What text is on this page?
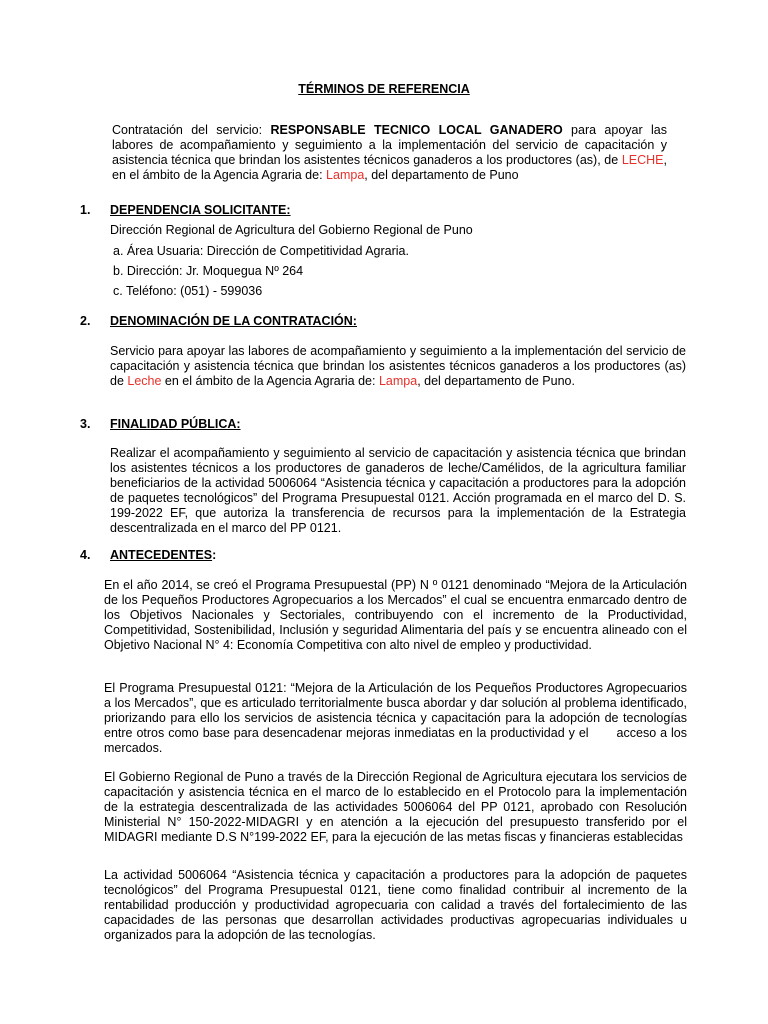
TÉRMINOS DE REFERENCIA
Contratación del servicio: RESPONSABLE TECNICO LOCAL GANADERO para apoyar las labores de acompañamiento y seguimiento a la implementación del servicio de capacitación y asistencia técnica que brindan los asistentes técnicos ganaderos a los productores (as), de LECHE, en el ámbito de la Agencia Agraria de: Lampa, del departamento de Puno
1. DEPENDENCIA SOLICITANTE:
Dirección Regional de Agricultura del Gobierno Regional de Puno
a. Área Usuaria: Dirección de Competitividad Agraria.
b. Dirección: Jr. Moquegua Nº 264
c. Teléfono: (051) - 599036
2. DENOMINACIÓN DE LA CONTRATACIÓN:
Servicio para apoyar las labores de acompañamiento y seguimiento a la implementación del servicio de capacitación y asistencia técnica que brindan los asistentes técnicos ganaderos a los productores (as) de Leche en el ámbito de la Agencia Agraria de: Lampa, del departamento de Puno.
3. FINALIDAD PÚBLICA:
Realizar el acompañamiento y seguimiento al servicio de capacitación y asistencia técnica que brindan los asistentes técnicos a los productores de ganaderos de leche/Camélidos, de la agricultura familiar beneficiarios de la actividad 5006064 “Asistencia técnica y capacitación a productores para la adopción de paquetes tecnológicos” del Programa Presupuestal 0121. Acción programada en el marco del D. S. 199-2022 EF, que autoriza la transferencia de recursos para la implementación de la Estrategia descentralizada en el marco del PP 0121.
4. ANTECEDENTES:
En el año 2014, se creó el Programa Presupuestal (PP) N º 0121 denominado “Mejora de la Articulación de los Pequeños Productores Agropecuarios a los Mercados” el cual se encuentra enmarcado dentro de los Objetivos Nacionales y Sectoriales, contribuyendo con el incremento de la Productividad, Competitividad, Sostenibilidad, Inclusión y seguridad Alimentaria del país y se encuentra alineado con el Objetivo Nacional N° 4: Economía Competitiva con alto nivel de empleo y productividad.
El Programa Presupuestal 0121: “Mejora de la Articulación de los Pequeños Productores Agropecuarios a los Mercados”, que es articulado territorialmente busca abordar y dar solución al problema identificado, priorizando para ello los servicios de asistencia técnica y capacitación para la adopción de tecnologías entre otros como base para desencadenar mejoras inmediatas en la productividad y el acceso a los mercados.
El Gobierno Regional de Puno a través de la Dirección Regional de Agricultura ejecutara los servicios de capacitación y asistencia técnica en el marco de lo establecido en el Protocolo para la implementación de la estrategia descentralizada de las actividades 5006064 del PP 0121, aprobado con Resolución Ministerial N° 150-2022-MIDAGRI y en atención a la ejecución del presupuesto transferido por el MIDAGRI mediante D.S N°199-2022 EF, para la ejecución de las metas fiscas y financieras establecidas
La actividad 5006064 “Asistencia técnica y capacitación a productores para la adopción de paquetes tecnológicos” del Programa Presupuestal 0121, tiene como finalidad contribuir al incremento de la rentabilidad producción y productividad agropecuaria con calidad a través del fortalecimiento de las capacidades de las personas que desarrollan actividades productivas agropecuarias individuales u organizados para la adopción de las tecnologías.
